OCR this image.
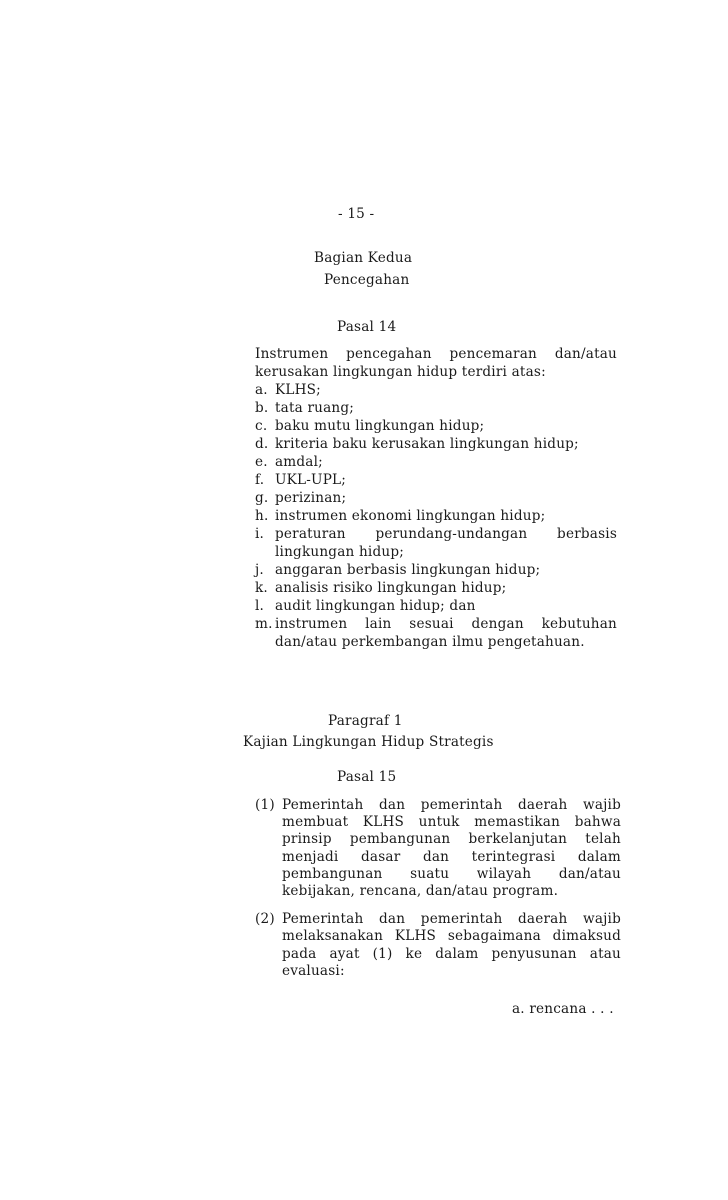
- 15 -
Bagian Kedua
Pencegahan
Pasal 14
Instrumen pencegahan pencemaran dan/atau
kerusakan lingkungan hidup terdiri atas:
a. KLHS;
b. tata ruang;
c. baku mutu lingkungan hidup;
d. kriteria baku kerusakan lingkungan hidup;
e. amdal;
f. UKL-UPL;
g. perizinan;
h. instrumen ekonomi lingkungan hidup;
i. peraturan perundang-undangan berbasis
lingkungan hidup;
j. anggaran berbasis lingkungan hidup;
k. analisis risiko lingkungan hidup;
l. audit lingkungan hidup; dan
m. instrumen lain sesuai dengan kebutuhan
dan/atau perkembangan ilmu pengetahuan.
Paragraf 1
Kajian Lingkungan Hidup Strategis
Pasal 15
(1) Pemerintah dan pemerintah daerah wajib
membuat KLHS untuk memastikan bahwa
prinsip pembangunan berkelanjutan telah
menjadi dasar dan terintegrasi dalam
pembangunan suatu wilayah dan/atau
kebijakan, rencana, dan/atau program.
(2) Pemerintah dan pemerintah daerah wajib
melaksanakan KLHS sebagaimana dimaksud
pada ayat (1) ke dalam penyusunan atau
evaluasi:
a. rencana . . .
